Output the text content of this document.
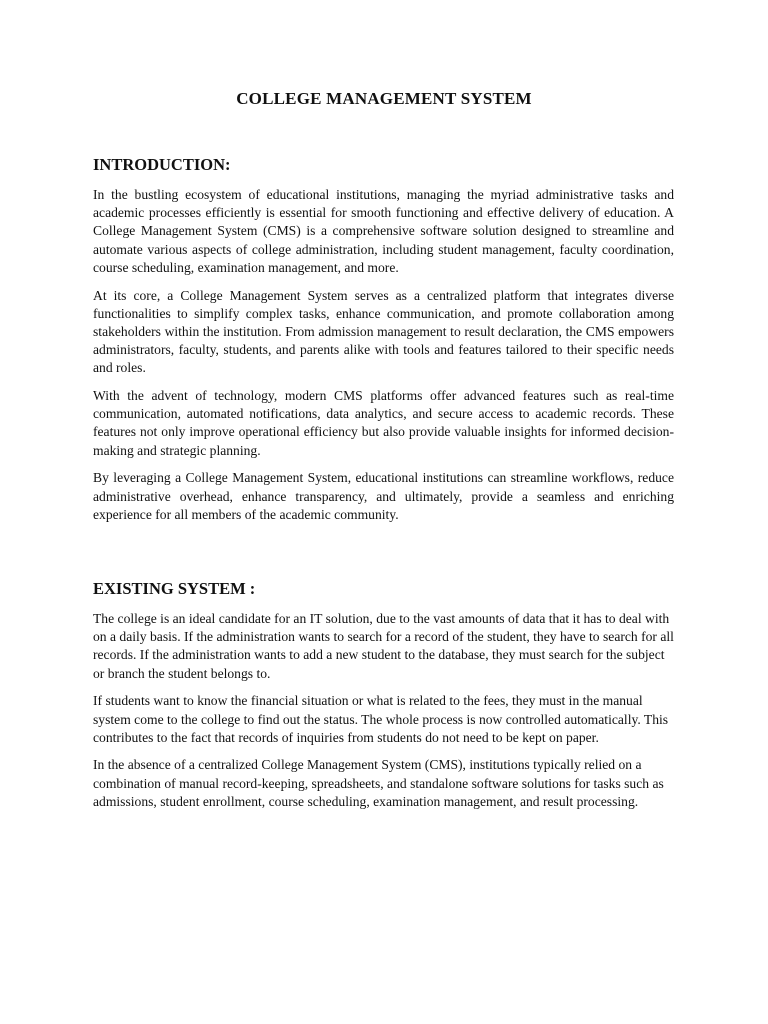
COLLEGE MANAGEMENT SYSTEM
INTRODUCTION:

In the bustling ecosystem of educational institutions, managing the myriad administrative tasks and academic processes efficiently is essential for smooth functioning and effective delivery of education. A College Management System (CMS) is a comprehensive software solution designed to streamline and automate various aspects of college administration, including student management, faculty coordination, course scheduling, examination management, and more.

At its core, a College Management System serves as a centralized platform that integrates diverse functionalities to simplify complex tasks, enhance communication, and promote collaboration among stakeholders within the institution. From admission management to result declaration, the CMS empowers administrators, faculty, students, and parents alike with tools and features tailored to their specific needs and roles.

With the advent of technology, modern CMS platforms offer advanced features such as real-time communication, automated notifications, data analytics, and secure access to academic records. These features not only improve operational efficiency but also provide valuable insights for informed decision-making and strategic planning.

By leveraging a College Management System, educational institutions can streamline workflows, reduce administrative overhead, enhance transparency, and ultimately, provide a seamless and enriching experience for all members of the academic community.

EXISTING SYSTEM :

The college is an ideal candidate for an IT solution, due to the vast amounts of data that it has to deal with on a daily basis. If the administration wants to search for a record of the student, they have to search for all records. If the administration wants to add a new student to the database, they must search for the subject or branch the student belongs to.

If students want to know the financial situation or what is related to the fees, they must in the manual system come to the college to find out the status. The whole process is now controlled automatically. This contributes to the fact that records of inquiries from students do not need to be kept on paper.

In the absence of a centralized College Management System (CMS), institutions typically relied on a combination of manual record-keeping, spreadsheets, and standalone software solutions for tasks such as admissions, student enrollment, course scheduling, examination management, and result processing.
